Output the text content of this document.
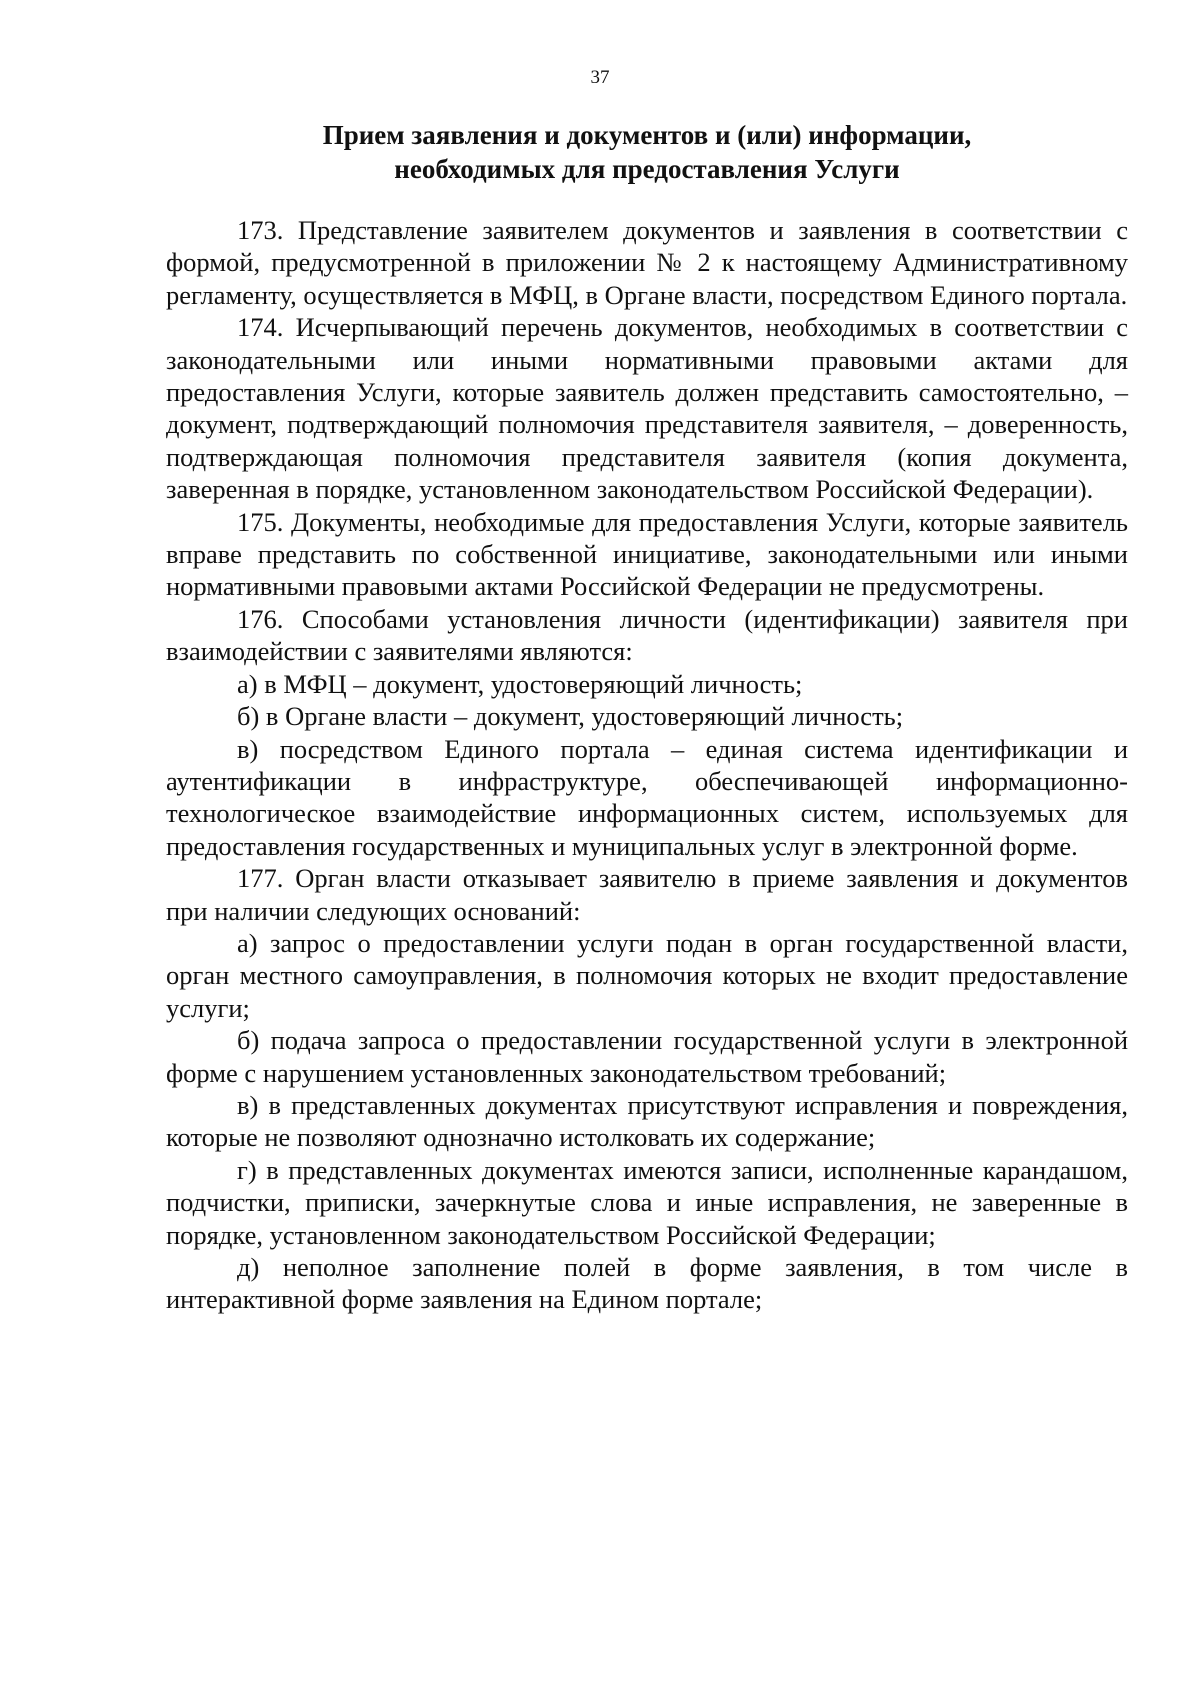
37
Прием заявления и документов и (или) информации,
необходимых для предоставления Услуги

173. Представление заявителем документов и заявления в соответствии с формой, предусмотренной в приложении № 2 к настоящему Административному регламенту, осуществляется в МФЦ, в Органе власти, посредством Единого портала.

174. Исчерпывающий перечень документов, необходимых в соответствии с законодательными или иными нормативными правовыми актами для предоставления Услуги, которые заявитель должен представить самостоятельно, – документ, подтверждающий полномочия представителя заявителя, – доверенность, подтверждающая полномочия представителя заявителя (копия документа, заверенная в порядке, установленном законодательством Российской Федерации).

175. Документы, необходимые для предоставления Услуги, которые заявитель вправе представить по собственной инициативе, законодательными или иными нормативными правовыми актами Российской Федерации не предусмотрены.

176. Способами установления личности (идентификации) заявителя при взаимодействии с заявителями являются:

а) в МФЦ – документ, удостоверяющий личность;

б) в Органе власти – документ, удостоверяющий личность;

в) посредством Единого портала – единая система идентификации и аутентификации в инфраструктуре, обеспечивающей информационно-технологическое взаимодействие информационных систем, используемых для предоставления государственных и муниципальных услуг в электронной форме.

177. Орган власти отказывает заявителю в приеме заявления и документов при наличии следующих оснований:

а) запрос о предоставлении услуги подан в орган государственной власти, орган местного самоуправления, в полномочия которых не входит предоставление услуги;

б) подача запроса о предоставлении государственной услуги в электронной форме с нарушением установленных законодательством требований;

в) в представленных документах присутствуют исправления и повреждения, которые не позволяют однозначно истолковать их содержание;

г) в представленных документах имеются записи, исполненные карандашом, подчистки, приписки, зачеркнутые слова и иные исправления, не заверенные в порядке, установленном законодательством Российской Федерации;

д) неполное заполнение полей в форме заявления, в том числе в интерактивной форме заявления на Едином портале;
